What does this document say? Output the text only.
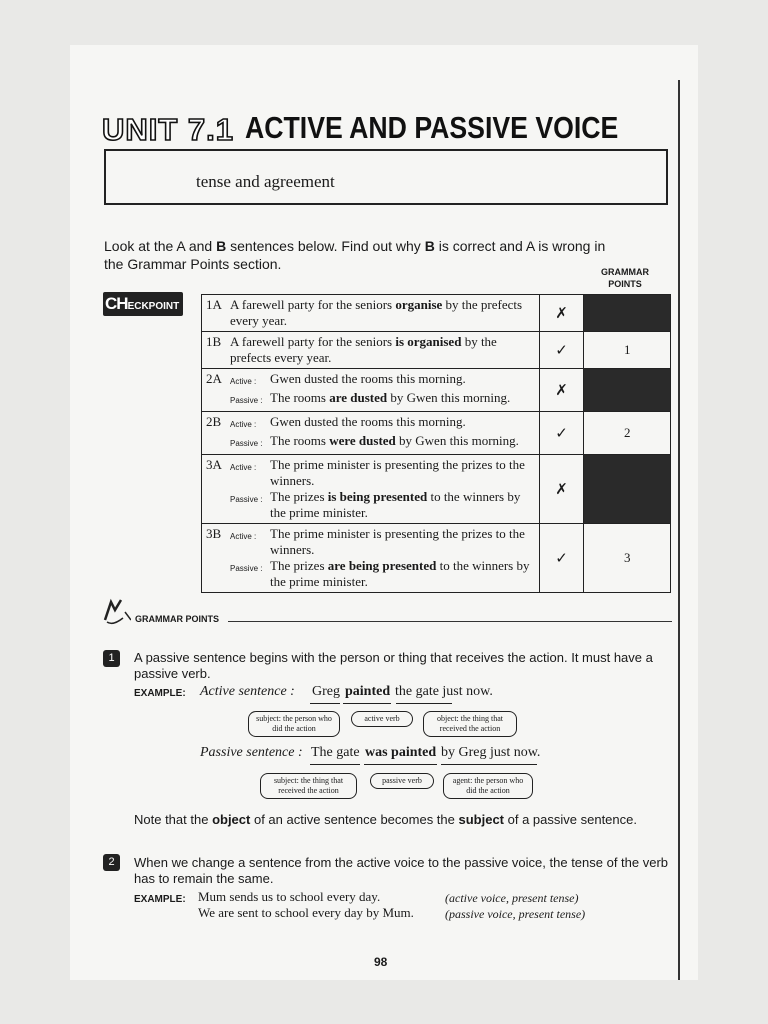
UNIT 7.1 ACTIVE AND PASSIVE VOICE
tense and agreement
Look at the A and B sentences below. Find out why B is correct and A is wrong in the Grammar Points section.	GRAMMAR POINTS
CHECKPOINT	1A A farewell party for the seniors organise by the prefects every year.	✗	

1B A farewell party for the seniors is organised by the prefects every year.	✓	1

2A Active : Gwen dusted the rooms this morning.
Passive : The rooms are dusted by Gwen this morning.	✗	

2B Active : Gwen dusted the rooms this morning.
Passive : The rooms were dusted by Gwen this morning.	✓	2

3A Active : The prime minister is presenting the prizes to the winners.
Passive : The prizes is being presented to the winners by the prime minister.	✗	

3B Active : The prime minister is presenting the prizes to the winners.
Passive : The prizes are being presented to the winners by the prime minister.	✓	3
GRAMMAR POINTS
1	A passive sentence begins with the person or thing that receives the action. It must have a passive verb.
EXAMPLE: Active sentence : Greg painted the gate just now.
subject: the person who did the action
active verb	object: the thing that received the action
Passive sentence : The gate was painted by Greg just now.
subject: the thing that received the action
passive verb	agent: the person who did the action
Note that the object of an active sentence becomes the subject of a passive sentence.
2	When we change a sentence from the active voice to the passive voice, the tense of the verb has to remain the same.
EXAMPLE: Mum sends us to school every day.	(active voice, present tense)
We are sent to school every day by Mum.	(passive voice, present tense)
98
